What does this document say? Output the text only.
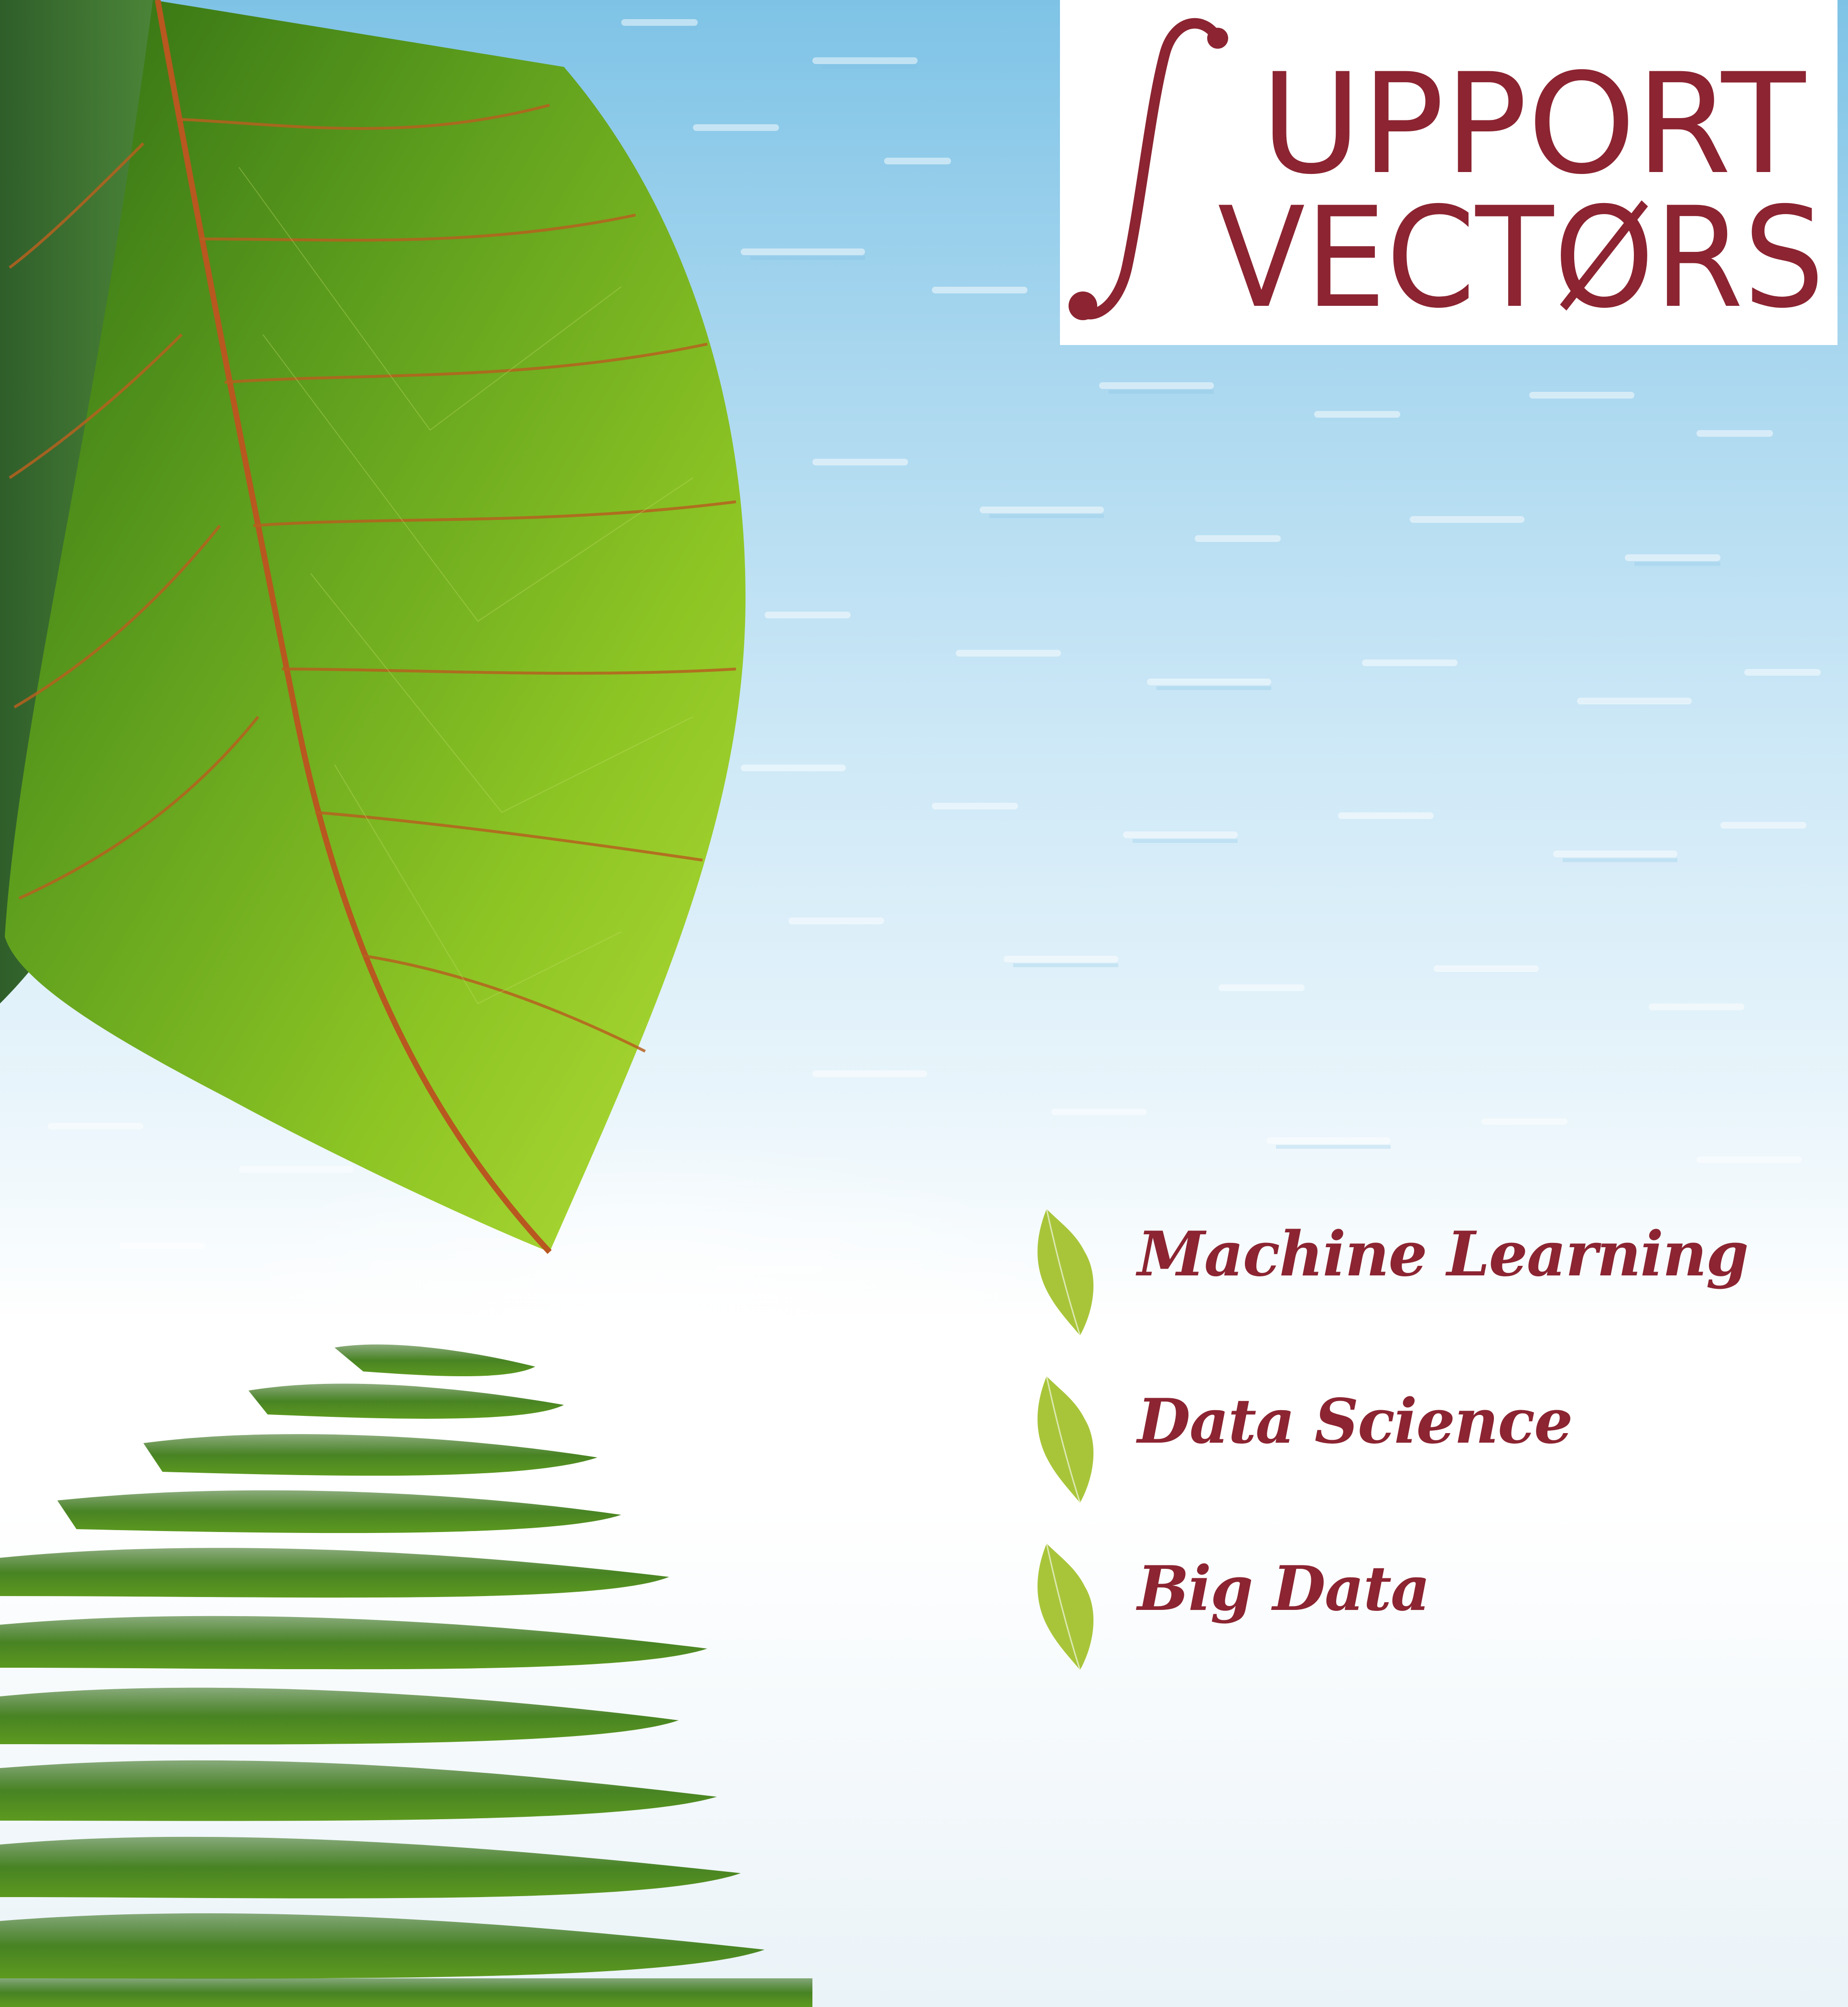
UPPORT
VECTØRS
Machine Learning
Data Science
Big Data
